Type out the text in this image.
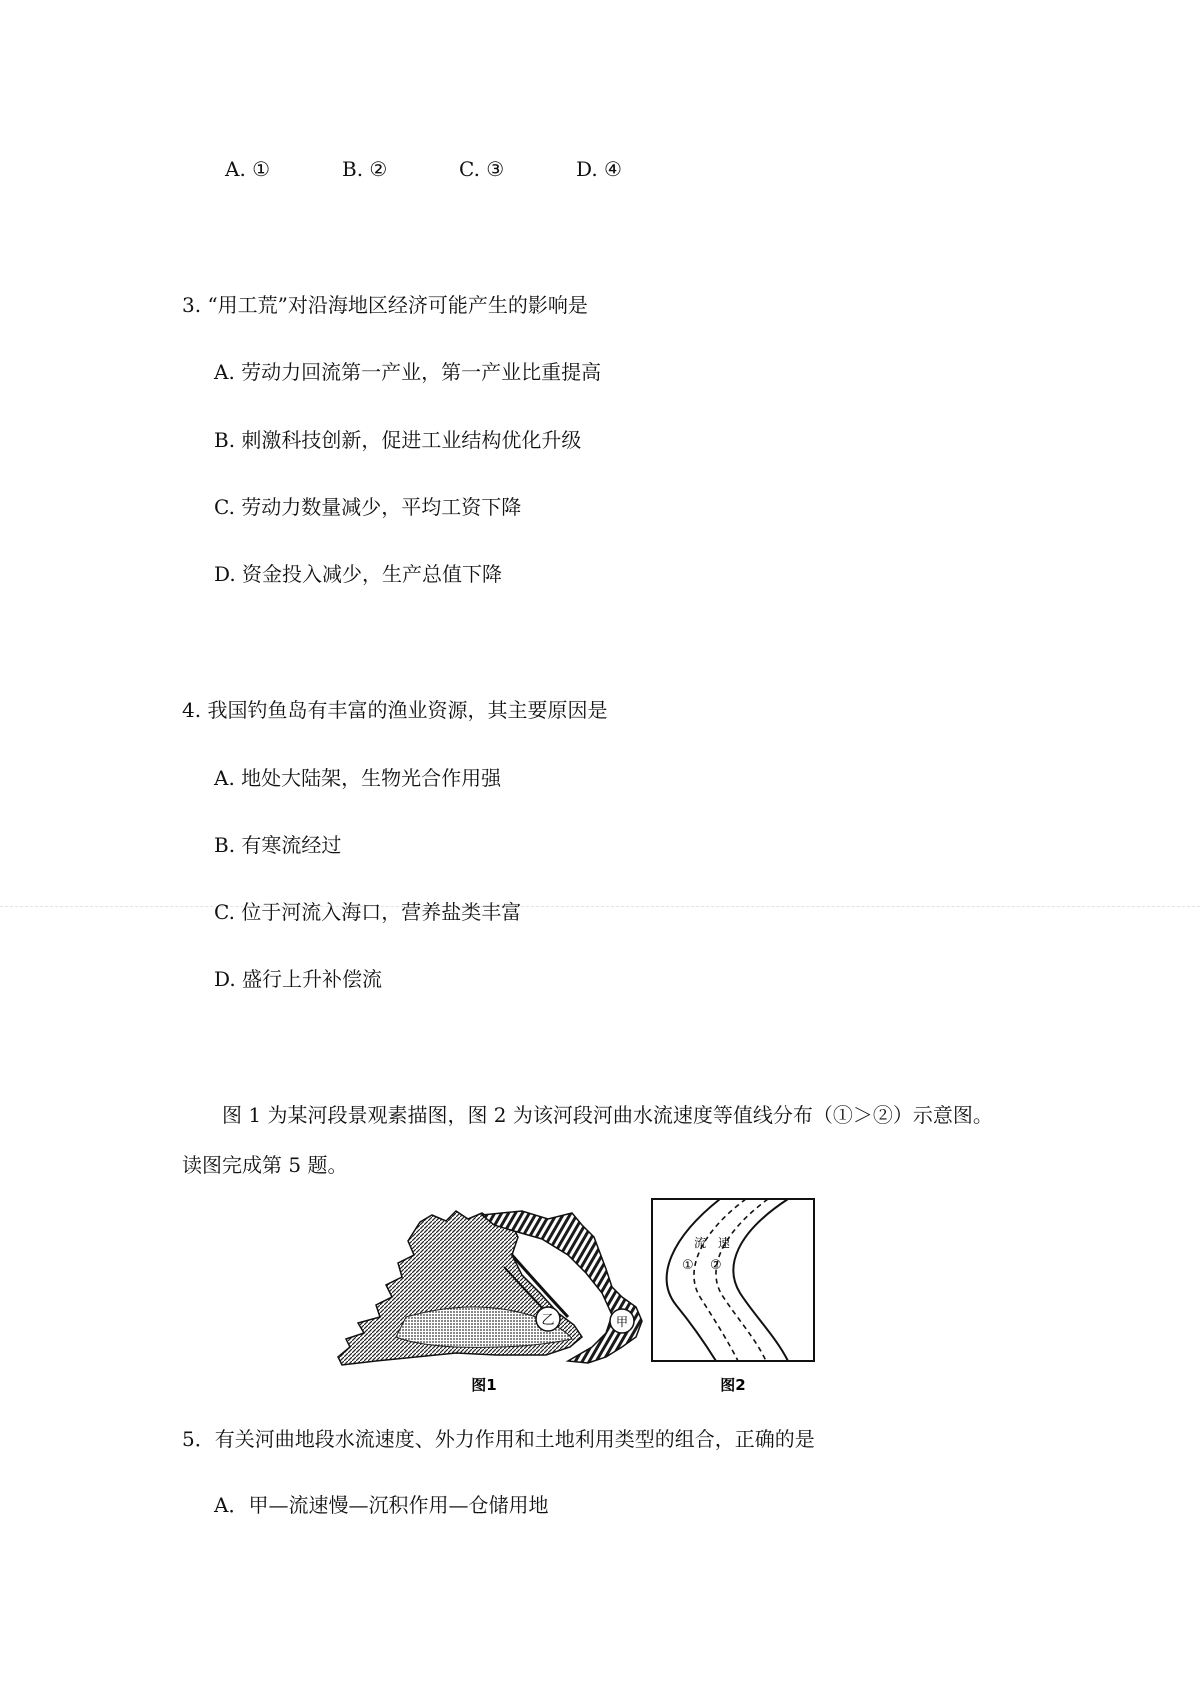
A. ①	B. ②	C. ③	D. ④
3. “用工荒”对沿海地区经济可能产生的影响是
A. 劳动力回流第一产业，第一产业比重提高
B. 刺激科技创新，促进工业结构优化升级
C. 劳动力数量减少，平均工资下降
D. 资金投入减少，生产总值下降
4. 我国钓鱼岛有丰富的渔业资源，其主要原因是
A. 地处大陆架，生物光合作用强
B. 有寒流经过
C. 位于河流入海口，营养盐类丰富
D. 盛行上升补偿流
图 1 为某河段景观素描图，图 2 为该河段河曲水流速度等值线分布（①＞②）示意图。
读图完成第 5 题。
乙	甲
图1
流 速
① ②
图2
5．有关河曲地段水流速度、外力作用和土地利用类型的组合，正确的是
A．甲—流速慢—沉积作用—仓储用地
